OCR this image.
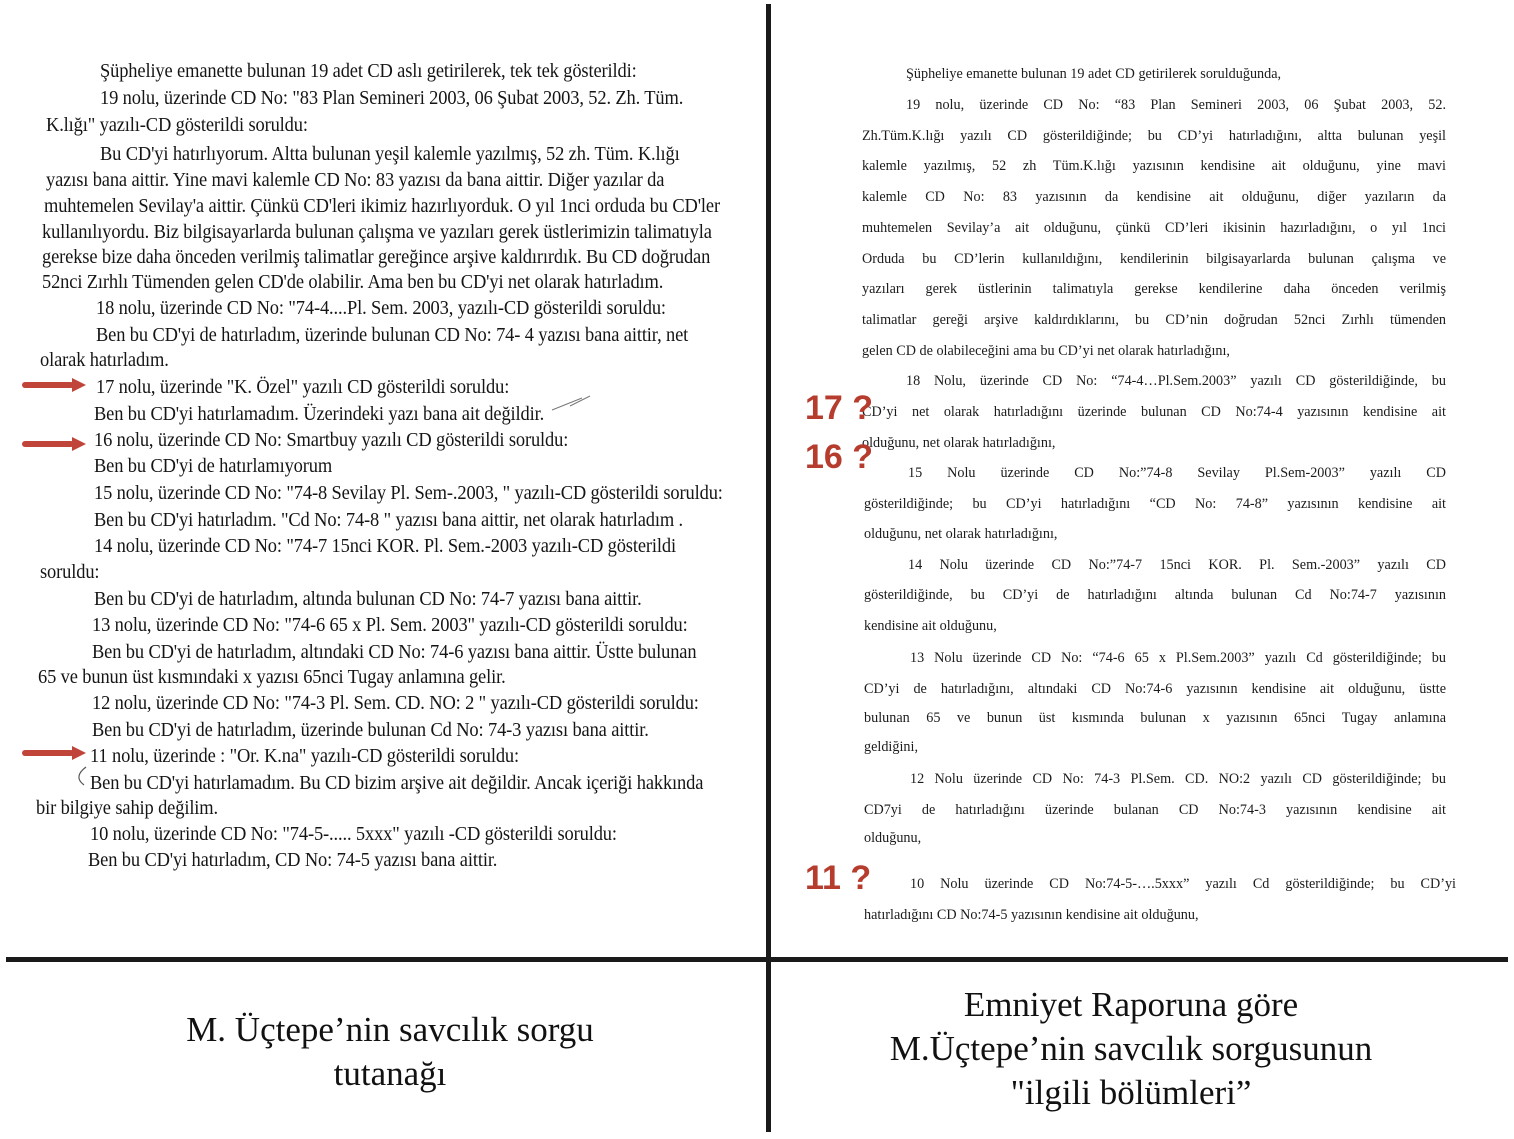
Şüpheliye emanette bulunan 19 adet CD aslı getirilerek, tek tek gösterildi:
19 nolu, üzerinde CD No: "83 Plan Semineri 2003, 06 Şubat 2003, 52. Zh. Tüm.
K.lığı" yazılı-CD gösterildi soruldu:
Bu CD'yi hatırlıyorum. Altta bulunan yeşil kalemle yazılmış, 52 zh. Tüm. K.lığı
yazısı bana aittir. Yine mavi kalemle CD No: 83 yazısı da bana aittir. Diğer yazılar da
muhtemelen Sevilay'a aittir. Çünkü CD'leri ikimiz hazırlıyorduk. O yıl 1nci orduda bu CD'ler
kullanılıyordu. Biz bilgisayarlarda bulunan çalışma ve yazıları gerek üstlerimizin talimatıyla
gerekse bize daha önceden verilmiş talimatlar gereğince arşive kaldırırdık. Bu CD doğrudan
52nci Zırhlı Tümenden gelen CD'de olabilir. Ama ben bu CD'yi net olarak hatırladım.
18 nolu, üzerinde CD No: "74-4....Pl. Sem. 2003, yazılı-CD gösterildi soruldu:
Ben bu CD'yi de hatırladım, üzerinde bulunan CD No: 74- 4 yazısı bana aittir, net
olarak hatırladım.
17 nolu, üzerinde "K. Özel" yazılı CD gösterildi soruldu:
Ben bu CD'yi hatırlamadım. Üzerindeki yazı bana ait değildir.
16 nolu, üzerinde CD No: Smartbuy yazılı CD gösterildi soruldu:
Ben bu CD'yi de hatırlamıyorum
15 nolu, üzerinde CD No: "74-8 Sevilay Pl. Sem-.2003, " yazılı-CD gösterildi soruldu:
Ben bu CD'yi hatırladım. "Cd No: 74-8 " yazısı bana aittir, net olarak hatırladım .
14 nolu, üzerinde CD No: "74-7 15nci KOR. Pl. Sem.-2003 yazılı-CD gösterildi
soruldu:
Ben bu CD'yi de hatırladım, altında bulunan CD No: 74-7 yazısı bana aittir.
13 nolu, üzerinde CD No: "74-6 65 x Pl. Sem. 2003" yazılı-CD gösterildi soruldu:
Ben bu CD'yi de hatırladım, altındaki CD No: 74-6 yazısı bana aittir. Üstte bulunan
65 ve bunun üst kısmındaki x yazısı 65nci Tugay anlamına gelir.
12 nolu, üzerinde CD No: "74-3 Pl. Sem. CD. NO: 2 " yazılı-CD gösterildi soruldu:
Ben bu CD'yi de hatırladım, üzerinde bulunan Cd No: 74-3 yazısı bana aittir.
11 nolu, üzerinde : "Or. K.na" yazılı-CD gösterildi soruldu:
Ben bu CD'yi hatırlamadım. Bu CD bizim arşive ait değildir. Ancak içeriği hakkında
bir bilgiye sahip değilim.
10 nolu, üzerinde CD No: "74-5-..... 5xxx" yazılı -CD gösterildi soruldu:
Ben bu CD'yi hatırladım, CD No: 74-5 yazısı bana aittir.
Şüpheliye emanette bulunan 19 adet CD getirilerek sorulduğunda,
19 nolu, üzerinde CD No: “83 Plan Semineri 2003, 06 Şubat 2003, 52.
Zh.Tüm.K.lığı yazılı CD gösterildiğinde; bu CD’yi hatırladığını, altta bulunan yeşil
kalemle yazılmış, 52 zh Tüm.K.lığı yazısının kendisine ait olduğunu, yine mavi
kalemle CD No: 83 yazısının da kendisine ait olduğunu, diğer yazıların da
muhtemelen Sevilay’a ait olduğunu, çünkü CD’leri ikisinin hazırladığını, o yıl 1nci
Orduda bu CD’lerin kullanıldığını, kendilerinin bilgisayarlarda bulunan çalışma ve
yazıları gerek üstlerinin talimatıyla gerekse kendilerine daha önceden verilmiş
talimatlar gereği arşive kaldırdıklarını, bu CD’nin doğrudan 52nci Zırhlı tümenden
gelen CD de olabileceğini ama bu CD’yi net olarak hatırladığını,
18 Nolu, üzerinde CD No: “74-4…Pl.Sem.2003” yazılı CD gösterildiğinde, bu
CD’yi net olarak hatırladığını üzerinde bulunan CD No:74-4 yazısının kendisine ait
olduğunu, net olarak hatırladığını,
15 Nolu üzerinde CD No:”74-8 Sevilay Pl.Sem-2003” yazılı CD
gösterildiğinde; bu CD’yi hatırladığını “CD No: 74-8” yazısının kendisine ait
olduğunu, net olarak hatırladığını,
14 Nolu üzerinde CD No:”74-7 15nci KOR. Pl. Sem.-2003” yazılı CD
gösterildiğinde, bu CD’yi de hatırladığını altında bulunan Cd No:74-7 yazısının
kendisine ait olduğunu,
13 Nolu üzerinde CD No: “74-6 65 x Pl.Sem.2003” yazılı Cd gösterildiğinde; bu
CD’yi de hatırladığını, altındaki CD No:74-6 yazısının kendisine ait olduğunu, üstte
bulunan 65 ve bunun üst kısmında bulunan x yazısının 65nci Tugay anlamına
geldiğini,
12 Nolu üzerinde CD No: 74-3 Pl.Sem. CD. NO:2 yazılı CD gösterildiğinde; bu
CD7yi de hatırladığını üzerinde bulanan CD No:74-3 yazısının kendisine ait
olduğunu,
10 Nolu üzerinde CD No:74-5-….5xxx” yazılı Cd gösterildiğinde; bu CD’yi
hatırladığını CD No:74-5 yazısının kendisine ait olduğunu,
17 ?
16 ?
11 ?
M. Üçtepe’nin savcılık sorgu
tutanağı
Emniyet Raporuna göre
M.Üçtepe’nin savcılık sorgusunun
"ilgili bölümleri”
